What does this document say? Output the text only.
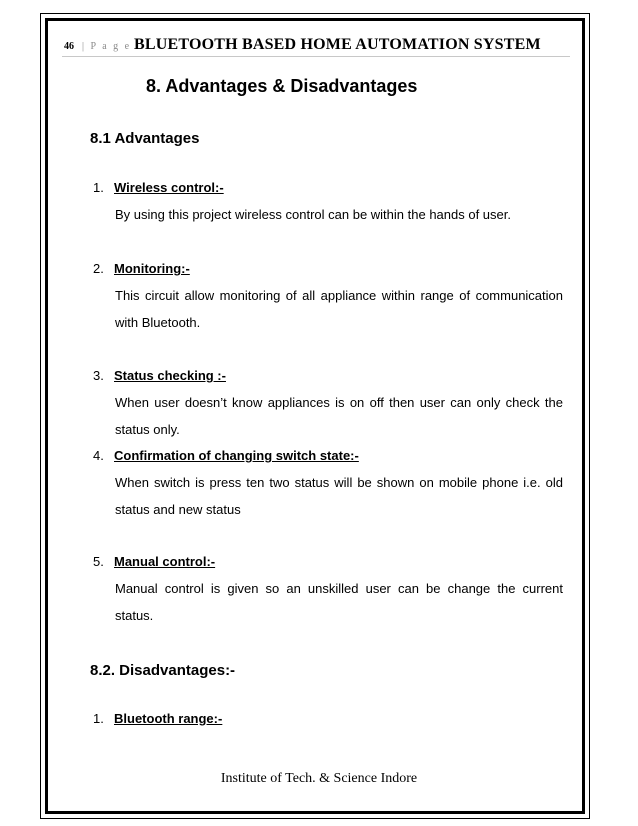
46 | P a g e BLUETOOTH BASED HOME AUTOMATION SYSTEM
8. Advantages & Disadvantages
8.1 Advantages
1. Wireless control:-
By using this project wireless control can be within the hands of user.
2. Monitoring:-
This circuit allow monitoring of all appliance within range of communication
with Bluetooth.
3. Status checking :-
When user doesn’t know appliances is on off then user can only check the
status only.
4. Confirmation of changing switch state:-
When switch is press ten two status will be shown on mobile phone i.e. old
status and new status
5. Manual control:-
Manual control is given so an unskilled user can be change the current
status.
8.2. Disadvantages:-
1. Bluetooth range:-
Institute of Tech. & Science Indore
